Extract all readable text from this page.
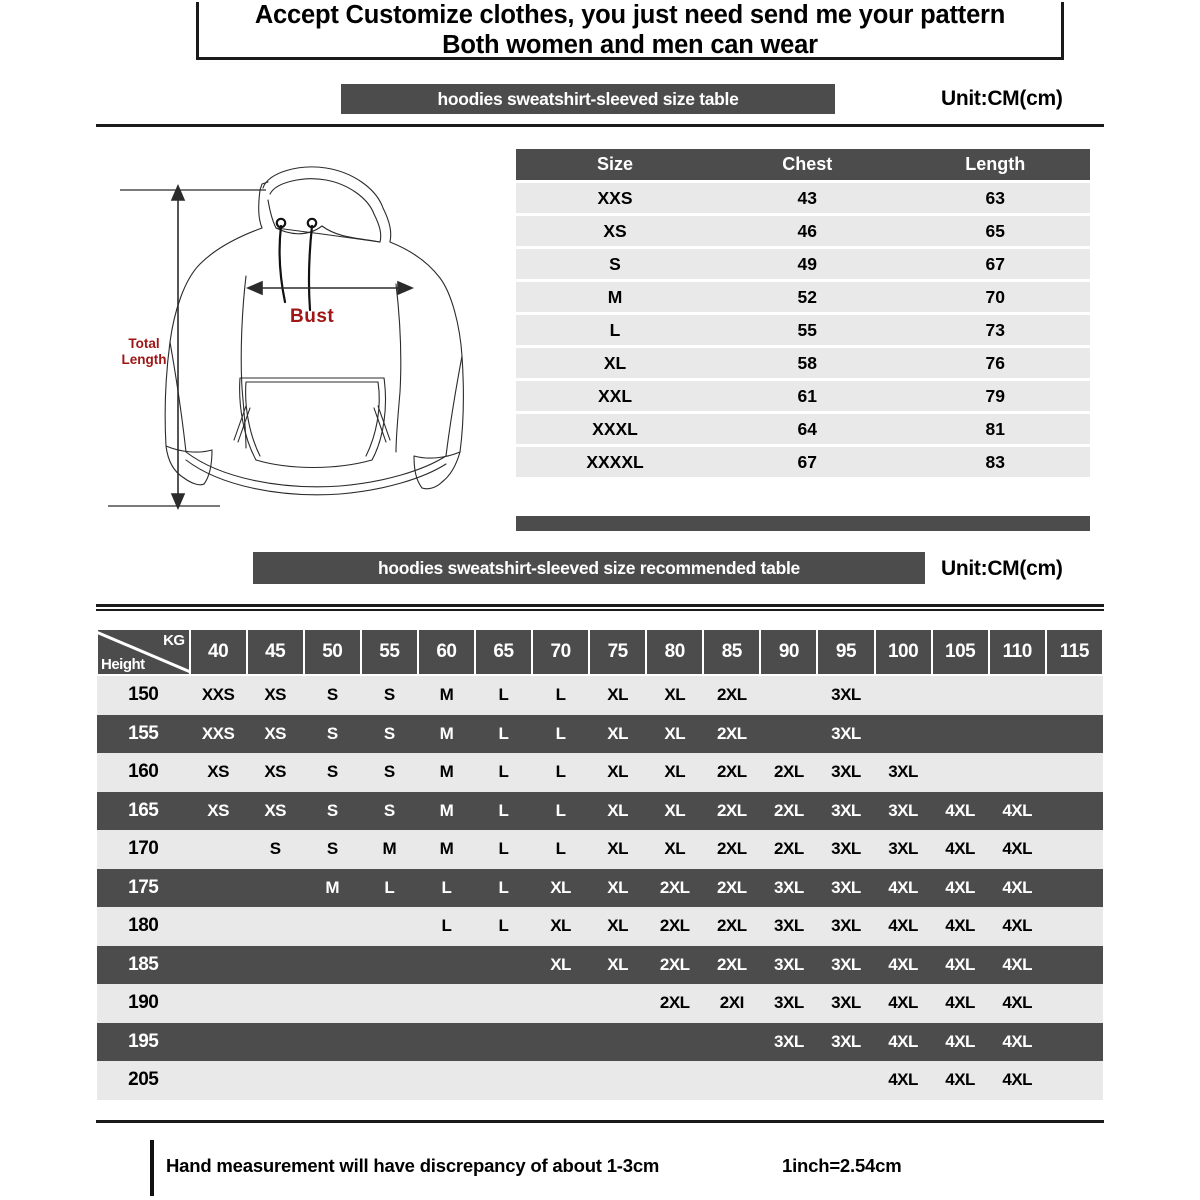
Accept Customize clothes, you just need send me your pattern
Both women and men can wear
hoodies sweatshirt-sleeved size table	Unit:CM(cm)
Bust
Total
Length
Size	Chest	Length
XXS	43	63
XS	46	65
S	49	67
M	52	70
L	55	73
XL	58	76
XXL	61	79
XXXL	64	81
XXXXL	67	83
hoodies sweatshirt-sleeved size recommended table	Unit:CM(cm)
KG
Height	40	45	50	55	60	65	70	75	80	85	90	95	100	105	110	115
150	XXS	XS	S	S	M	L	L	XL	XL	2XL		3XL				
155	XXS	XS	S	S	M	L	L	XL	XL	2XL		3XL				
160	XS	XS	S	S	M	L	L	XL	XL	2XL	2XL	3XL	3XL			
165	XS	XS	S	S	M	L	L	XL	XL	2XL	2XL	3XL	3XL	4XL	4XL	
170		S	S	M	M	L	L	XL	XL	2XL	2XL	3XL	3XL	4XL	4XL	
175			M	L	L	L	XL	XL	2XL	2XL	3XL	3XL	4XL	4XL	4XL	
180					L	L	XL	XL	2XL	2XL	3XL	3XL	4XL	4XL	4XL	
185							XL	XL	2XL	2XL	3XL	3XL	4XL	4XL	4XL	
190									2XL	2XI	3XL	3XL	4XL	4XL	4XL	
195											3XL	3XL	4XL	4XL	4XL	
205													4XL	4XL	4XL	
Hand measurement will have discrepancy of about 1-3cm	1inch=2.54cm
